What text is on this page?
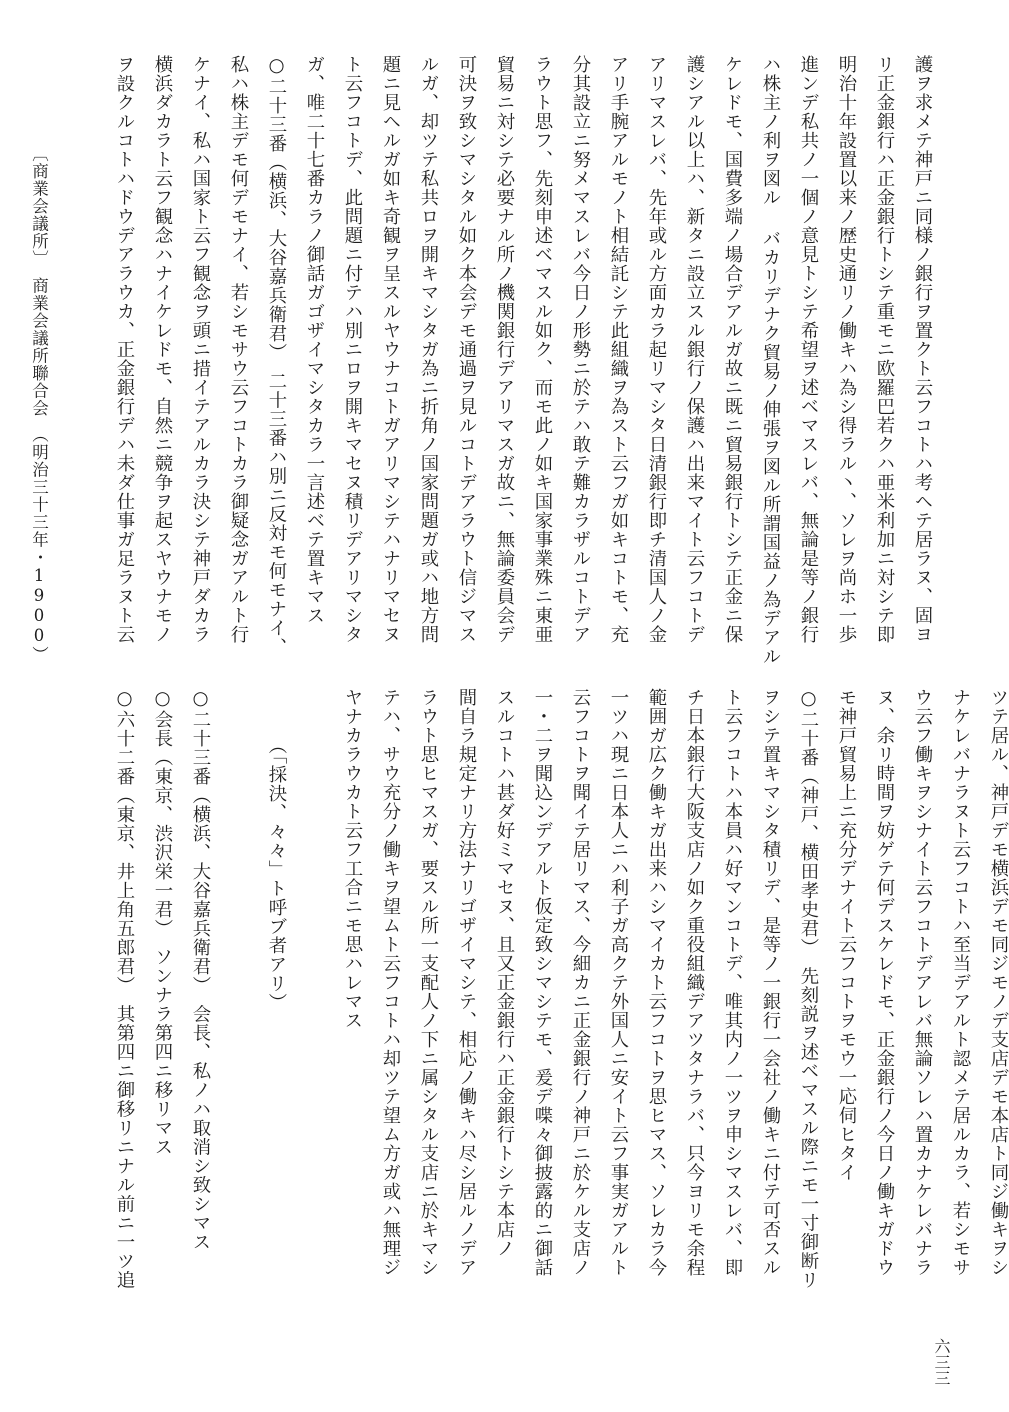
護ヲ求メテ神戸ニ同様ノ銀行ヲ置クト云フコトハ考ヘテ居ラヌ、固ヨ
リ正金銀行ハ正金銀行トシテ重モニ欧羅巴若クハ亜米利加ニ対シテ即
明治十年設置以来ノ歴史通リノ働キハ為シ得ラル丶、ソレヲ尚ホ一歩
進ンデ私共ノ一個ノ意見トシテ希望ヲ述ベマスレバ、無論是等ノ銀行
ハ株主ノ利ヲ図ル バカリデナク貿易ノ伸張ヲ図ル所謂国益ノ為デアル
ケレドモ、国費多端ノ場合デアルガ故ニ既ニ貿易銀行トシテ正金ニ保
護シアル以上ハ、新タニ設立スル銀行ノ保護ハ出来マイト云フコトデ
アリマスレバ、先年或ル方面カラ起リマシタ日清銀行即チ清国人ノ金
アリ手腕アルモノト相結託シテ此組織ヲ為スト云フガ如キコトモ、充
分其設立ニ努メマスレバ今日ノ形勢ニ於テハ敢テ難カラザルコトデア
ラウト思フ、先刻申述ベマスル如ク、而モ此ノ如キ国家事業殊ニ東亜
貿易ニ対シテ必要ナル所ノ機関銀行デアリマスガ故ニ、無論委員会デ
可決ヲ致シマシタル如ク本会デモ通過ヲ見ルコトデアラウト信ジマス
ルガ、却ツテ私共ロヲ開キマシタガ為ニ折角ノ国家問題ガ或ハ地方問
題ニ見ヘルガ如キ奇観ヲ呈スルヤウナコトガアリマシテハナリマセヌ
ト云フコトデ、此問題ニ付テハ別ニロヲ開キマセヌ積リデアリマシタ
ガ、唯二十七番カラノ御話ガゴザイマシタカラ一言述ベテ置キマス
○二十三番（横浜、大谷嘉兵衛君）　二十三番ハ別ニ反対モ何モナイ、
私ハ株主デモ何デモナイ、若シモサウ云フコトカラ御疑念ガアルト行
ケナイ、私ハ国家ト云フ観念ヲ頭ニ措イテアルカラ決シテ神戸ダカラ
横浜ダカラト云フ観念ハナイケレドモ、自然ニ競争ヲ起スヤウナモノ
ヲ設クルコトハドウデアラウカ、正金銀行デハ未ダ仕事ガ足ラヌト云
ツテ居ル、神戸デモ横浜デモ同ジモノデ支店デモ本店ト同ジ働キヲシ
ナケレバナラヌト云フコトハ至当デアルト認メテ居ルカラ、若シモサ
ウ云フ働キヲシナイト云フコトデアレバ無論ソレハ置カナケレバナラ
ヌ、余リ時間ヲ妨ゲテ何デスケレドモ、正金銀行ノ今日ノ働キガドウ
モ神戸貿易上ニ充分デナイト云フコトヲモウ一応伺ヒタイ
○二十番（神戸、横田孝史君）　先刻説ヲ述ベマスル際ニモ一寸御断リ
ヲシテ置キマシタ積リデ、是等ノ一銀行一会社ノ働キニ付テ可否スル
ト云フコトハ本員ハ好マンコトデ、唯其内ノ一ツヲ申シマスレバ、即
チ日本銀行大阪支店ノ如ク重役組織デアツタナラバ、只今ヨリモ余程
範囲ガ広ク働キガ出来ハシマイカト云フコトヲ思ヒマス、ソレカラ今
一ツハ現ニ日本人ニハ利子ガ高クテ外国人ニ安イト云フ事実ガアルト
云フコトヲ聞イテ居リマス、今細カニ正金銀行ノ神戸ニ於ケル支店ノ
一・二ヲ聞込ンデアルト仮定致シマシテモ、爰デ喋々御披露的ニ御話
スルコトハ甚ダ好ミマセヌ、且又正金銀行ハ正金銀行トシテ本店ノ
間自ラ規定ナリ方法ナリゴザイマシテ、相応ノ働キハ尽シ居ルノデア
ラウト思ヒマスガ、要スル所一支配人ノ下ニ属シタル支店ニ於キマシ
テハ、サウ充分ノ働キヲ望ムト云フコトハ却ツテ望ム方ガ或ハ無理ジ
ヤナカラウカト云フ工合ニモ思ハレマス
　　　（「採決、々々」ト呼ブ者アリ）
○二十三番（横浜、大谷嘉兵衛君）　会長、私ノハ取消シ致シマス
○会長（東京、渋沢栄一君）　ソンナラ第四ニ移リマス
○六十二番（東京、井上角五郎君）　其第四ニ御移リニナル前ニ一ツ追
〔商業会議所〕　商業会議所聯合会　（明治三十三年・1900）
六三三
